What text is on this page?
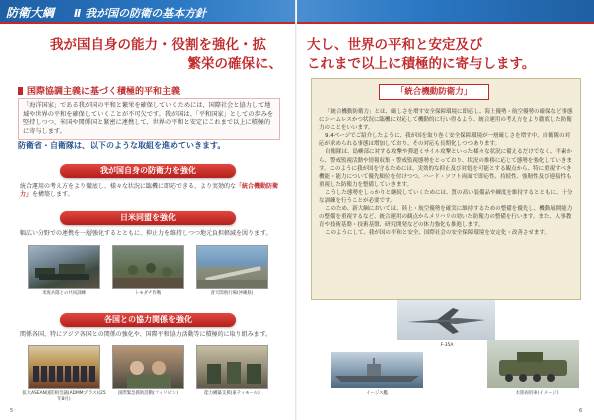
防衛大綱 Ⅱ 我が国の防衛の基本方針
我が国自身の能力・役割を強化・拡
繁栄の確保に、
国際協調主義に基づく積極的平和主義
「海洋国家」である我が国の平和と繁栄を確保していくためには、国際社会と協力して地域や世界の平和を確保していくことが不可欠です。我が国は、「平和国家」としての歩みを堅持しつつ、米国や関係国と緊密に連携して、世界の平和と安定にこれまで以上に積極的に寄与します。
防衛省・自衛隊は、以下のような取組を進めていきます。
我が国自身の防衛力を強化
統合運用の考え方をより徹底し、様々な状況に臨機に即応できる、より実効的な「統合機動防衛力」を構築します。
日米同盟を強化
幅広い分野での連携を一層強化するとともに、抑止力を維持しつつ地元負担軽減を図ります。
米海兵隊との共同訓練	トモダチ作戦	普天間飛行場(沖縄県)
各国との協力関係を強化
関係各国、特にアジア各国との関係の強化や、国際平和協力活動等に積極的に取り組みます。
拡大ASEAN国防相会議(ADMMプラス)(25年8月)
国際緊急援助活動(フィリピン)	能力構築支援(東ティモール)
5
大し、世界の平和と安定及び
これまで以上に積極的に寄与します。
「統合機動防衛力」

「統合機動防衛力」とは、厳しさを増す安全保障環境に即応し、海上優勢・航空優勢の確保など事態にシームレスかつ状況に臨機に対応して機動的に行い得るよう、統合運用の考え方をより徹底した防衛力のことをいいます。

9.4ページでご紹介したように、我が国を取り巻く安全保障環境が一層厳しさを増す中、自衛隊の対応が求められる事態は増加しており、その対応も長期化しつつあります。

自衛隊は、島嶼部に対する攻撃や弾道ミサイル攻撃といった様々な状況に備えるだけでなく、平素から、警戒監視活動や情報収集・警戒監視態勢をとっており、状況の推移に応じて態勢を強化していきます。このように我が国を守るためには、実効的な抑止及び対処を可能とする観点から、特に重視すべき機能・能力について優先順位を付けつつ、ハード・ソフト両面で即応性、持続性、強靭性及び連接性も重視した防衛力を整備していきます。

こうした態勢をしっかりと継続していくためには、質の高い装備品や練度を維持するとともに、十分な訓練を行うことが必要です。

このため、新大綱においては、陸上・航空優勢を確実に維持するための整備を優先し、機動展開能力の整備を重視するなど、統合運用の観点からメリハリの効いた防衛力の整備を行います。また、人事教育や技術基盤・技術基盤、研究開発などの体力強化も推進します。

このようにして、我が国の平和と安全、国際社会の安全保障環境を安定化・改善させます。

F-35A
イージス艦	水陸両用車(イメージ)
6
